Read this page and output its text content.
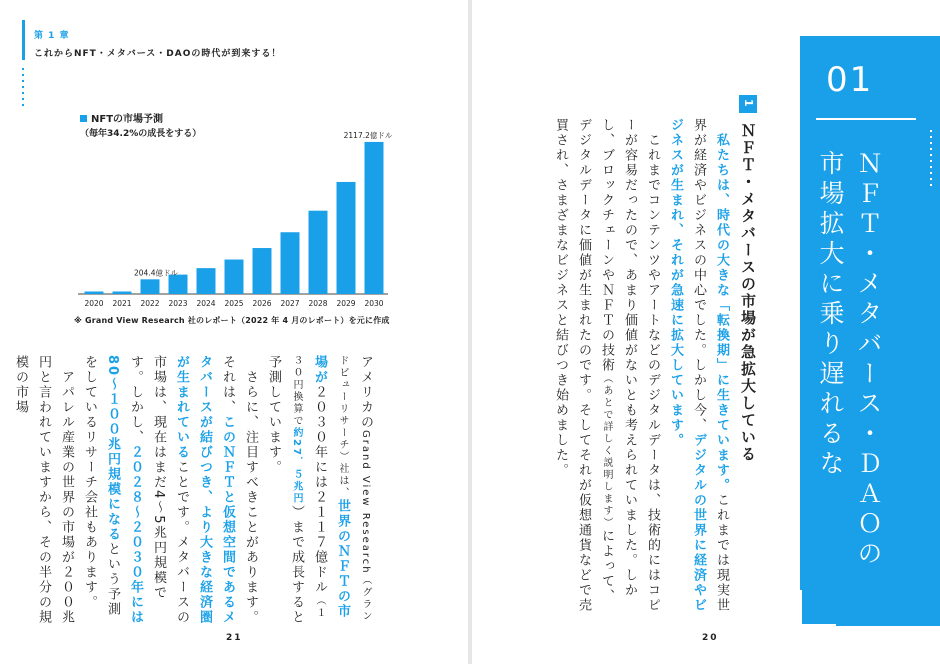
第 1 章
これからNFT・メタバース・DAOの時代が到来する！
NFTの市場予測
（毎年34.2%の成長をする）
2020 2021 2022 2023 2024 2025 2026 2027 2028 2029 2030
204.4億ドル
2117.2億ドル
※ Grand View Research 社のレポート（2022 年 4 月のレポート）を元に作成
アメリカのGrand View Research（グランドビューリサーチ）社は、世界のＮＦＴの市場が２０３０年には２１１７億ドル（１３０円換算で約27．５兆円）まで成長すると予測しています。
　さらに、注目すべきことがあります。それは、このＮＦＴと仮想空間であるメタバースが結びつき、より大きな経済圏が生まれていることです。メタバースの市場は、現在はまだ4〜5兆円規模です。しかし、２０２８〜２０３０年には80〜１００兆円規模になるという予測をしているリサーチ会社もあります。
　アパレル産業の世界の市場が２００兆円と言われていますから、その半分の規模の市場
21
1ＮＦＴ・メタバースの市場が急拡大している
　私たちは、時代の大きな「転換期」に生きています。これまでは現実世界が経済やビジネスの中心でした。しかし今、デジタルの世界に経済やビジネスが生まれ、それが急速に拡大しています。
　これまでコンテンツやアートなどのデジタルデータは、技術的にはコピーが容易だったので、あまり価値がないとも考えられていました。しかし、ブロックチェーンやＮＦＴの技術（あとで詳しく説明します）によって、デジタルデータに価値が生まれたのです。そしてそれが仮想通貨などで売買され、さまざまなビジネスと結びつき始めました。
20
01
ＮＦＴ・メタバース・ＤＡＯの市場拡大に乗り遅れるな
